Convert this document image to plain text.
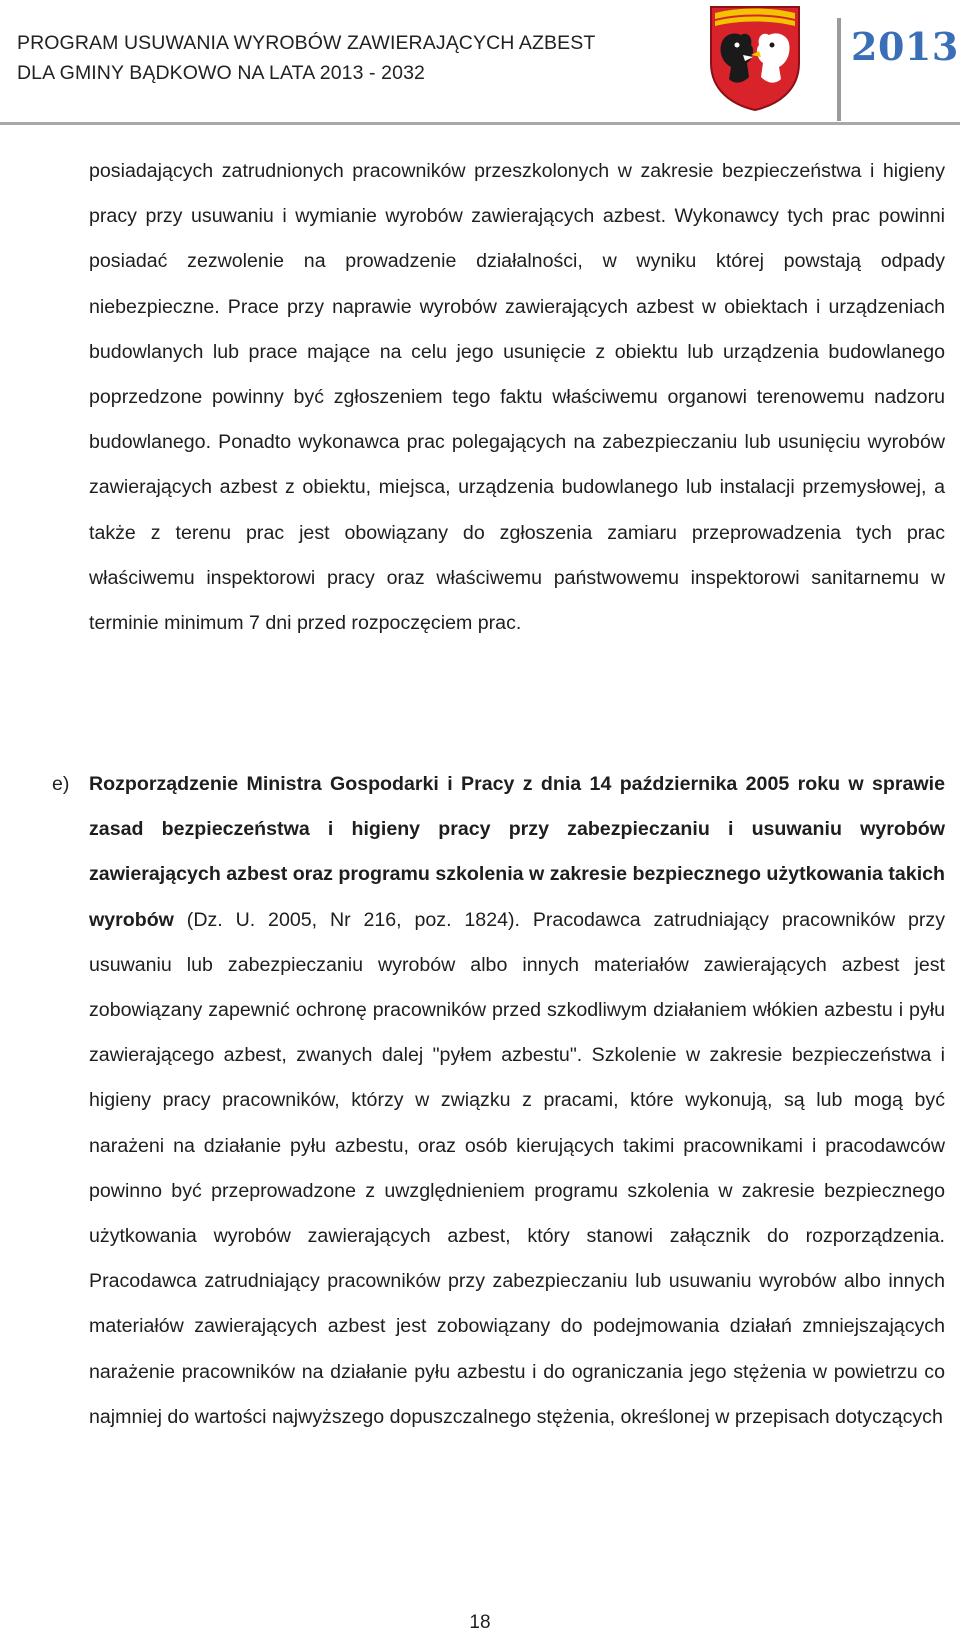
PROGRAM USUWANIA WYROBÓW ZAWIERAJĄCYCH AZBEST
DLA GMINY BĄDKOWO NA LATA 2013 - 2032
2013
posiadających zatrudnionych pracowników przeszkolonych w zakresie bezpieczeństwa i higieny pracy przy usuwaniu i wymianie wyrobów zawierających azbest. Wykonawcy tych prac powinni posiadać zezwolenie na prowadzenie działalności, w wyniku której powstają odpady niebezpieczne. Prace przy naprawie wyrobów zawierających azbest w obiektach i urządzeniach budowlanych lub prace mające na celu jego usunięcie z obiektu lub urządzenia budowlanego poprzedzone powinny być zgłoszeniem tego faktu właściwemu organowi terenowemu nadzoru budowlanego. Ponadto wykonawca prac polegających na zabezpieczaniu lub usunięciu wyrobów zawierających azbest z obiektu, miejsca, urządzenia budowlanego lub instalacji przemysłowej, a także z terenu prac jest obowiązany do zgłoszenia zamiaru przeprowadzenia tych prac właściwemu inspektorowi pracy oraz właściwemu państwowemu inspektorowi sanitarnemu w terminie minimum 7 dni przed rozpoczęciem prac.
e) Rozporządzenie Ministra Gospodarki i Pracy z dnia 14 października 2005 roku w sprawie zasad bezpieczeństwa i higieny pracy przy zabezpieczaniu i usuwaniu wyrobów zawierających azbest oraz programu szkolenia w zakresie bezpiecznego użytkowania takich wyrobów (Dz. U. 2005, Nr 216, poz. 1824). Pracodawca zatrudniający pracowników przy usuwaniu lub zabezpieczaniu wyrobów albo innych materiałów zawierających azbest jest zobowiązany zapewnić ochronę pracowników przed szkodliwym działaniem włókien azbestu i pyłu zawierającego azbest, zwanych dalej "pyłem azbestu". Szkolenie w zakresie bezpieczeństwa i higieny pracy pracowników, którzy w związku z pracami, które wykonują, są lub mogą być narażeni na działanie pyłu azbestu, oraz osób kierujących takimi pracownikami i pracodawców powinno być przeprowadzone z uwzględnieniem programu szkolenia w zakresie bezpiecznego użytkowania wyrobów zawierających azbest, który stanowi załącznik do rozporządzenia. Pracodawca zatrudniający pracowników przy zabezpieczaniu lub usuwaniu wyrobów albo innych materiałów zawierających azbest jest zobowiązany do podejmowania działań zmniejszających narażenie pracowników na działanie pyłu azbestu i do ograniczania jego stężenia w powietrzu co najmniej do wartości najwyższego dopuszczalnego stężenia, określonej w przepisach dotyczących
18
